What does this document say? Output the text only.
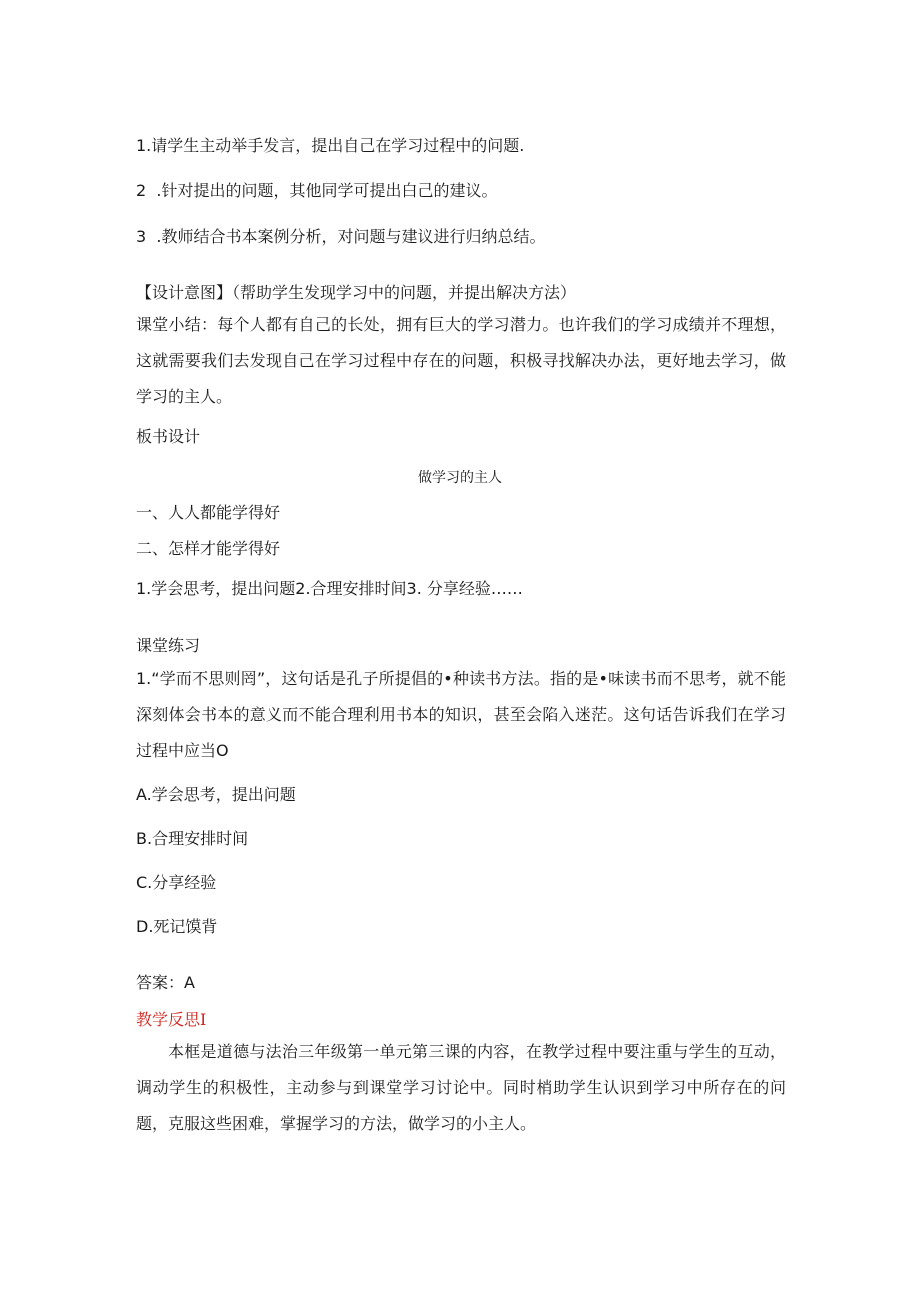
1.请学生主动举手发言，提出自己在学习过程中的问题.
2  .针对提出的问题，其他同学可提出白己的建议。
3  .教师结合书本案例分析，对问题与建议进行归纳总结。
【设计意图】（帮助学生发现学习中的问题，并提出解决方法）
课堂小结：每个人都有自己的长处，拥有巨大的学习潜力。也许我们的学习成绩并不理想，这就需要我们去发现自己在学习过程中存在的问题，积极寻找解决办法，更好地去学习，做学习的主人。
板书设计
做学习的主人
一、人人都能学得好
二、怎样才能学得好
1.学会思考，提出问题2.合理安排时间3. 分享经验……
课堂练习
1.“学而不思则罔”，这句话是孔子所提倡的•种读书方法。指的是•味读书而不思考，就不能深刻体会书本的意义而不能合理利用书本的知识，甚至会陷入迷茫。这句话告诉我们在学习过程中应当O
A.学会思考，提出问题
B.合理安排时间
C.分享经验
D.死记馍背
答案：A
教学反思I
本框是道德与法治三年级第一单元第三课的内容，在教学过程中要注重与学生的互动，调动学生的积极性，主动参与到课堂学习讨论中。同时梢助学生认识到学习中所存在的问题，克服这些困难，掌握学习的方法，做学习的小主人。
